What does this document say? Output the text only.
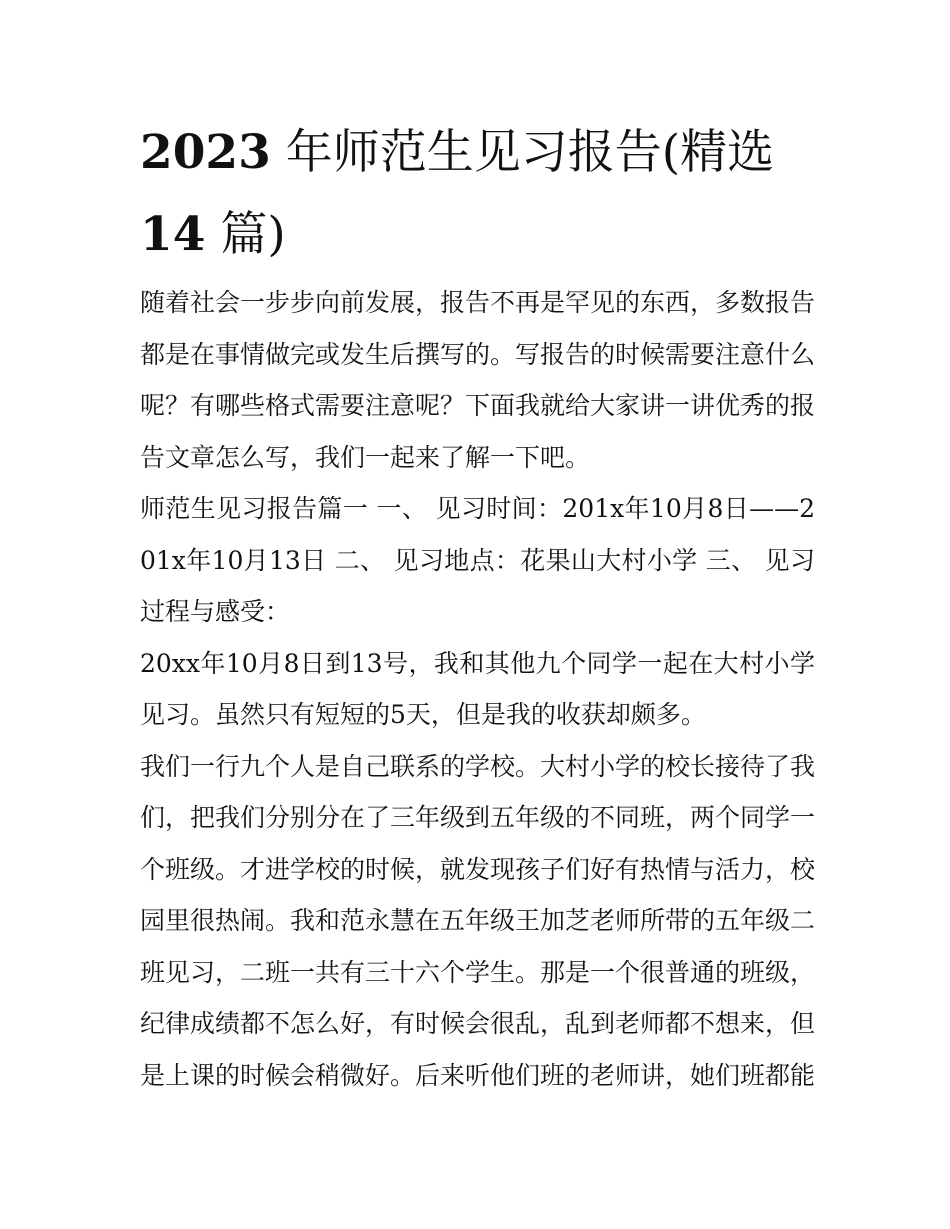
2023 年师范生见习报告(精选
14 篇)

随着社会一步步向前发展，报告不再是罕见的东西，多数报告都是在事情做完或发生后撰写的。写报告的时候需要注意什么呢？有哪些格式需要注意呢？下面我就给大家讲一讲优秀的报告文章怎么写，我们一起来了解一下吧。

师范生见习报告篇一 一、 见习时间：201x年10月8日——201x年10月13日 二、 见习地点：花果山大村小学 三、 见习过程与感受：

20xx年10月8日到13号，我和其他九个同学一起在大村小学见习。虽然只有短短的5天，但是我的收获却颇多。

我们一行九个人是自己联系的学校。大村小学的校长接待了我们，把我们分别分在了三年级到五年级的不同班，两个同学一个班级。才进学校的时候，就发现孩子们好有热情与活力，校园里很热闹。我和范永慧在五年级王加芝老师所带的五年级二班见习，二班一共有三十六个学生。那是一个很普通的班级，纪律成绩都不怎么好，有时候会很乱，乱到老师都不想来，但是上课的时候会稍微好。后来听他们班的老师讲，她们班都能
